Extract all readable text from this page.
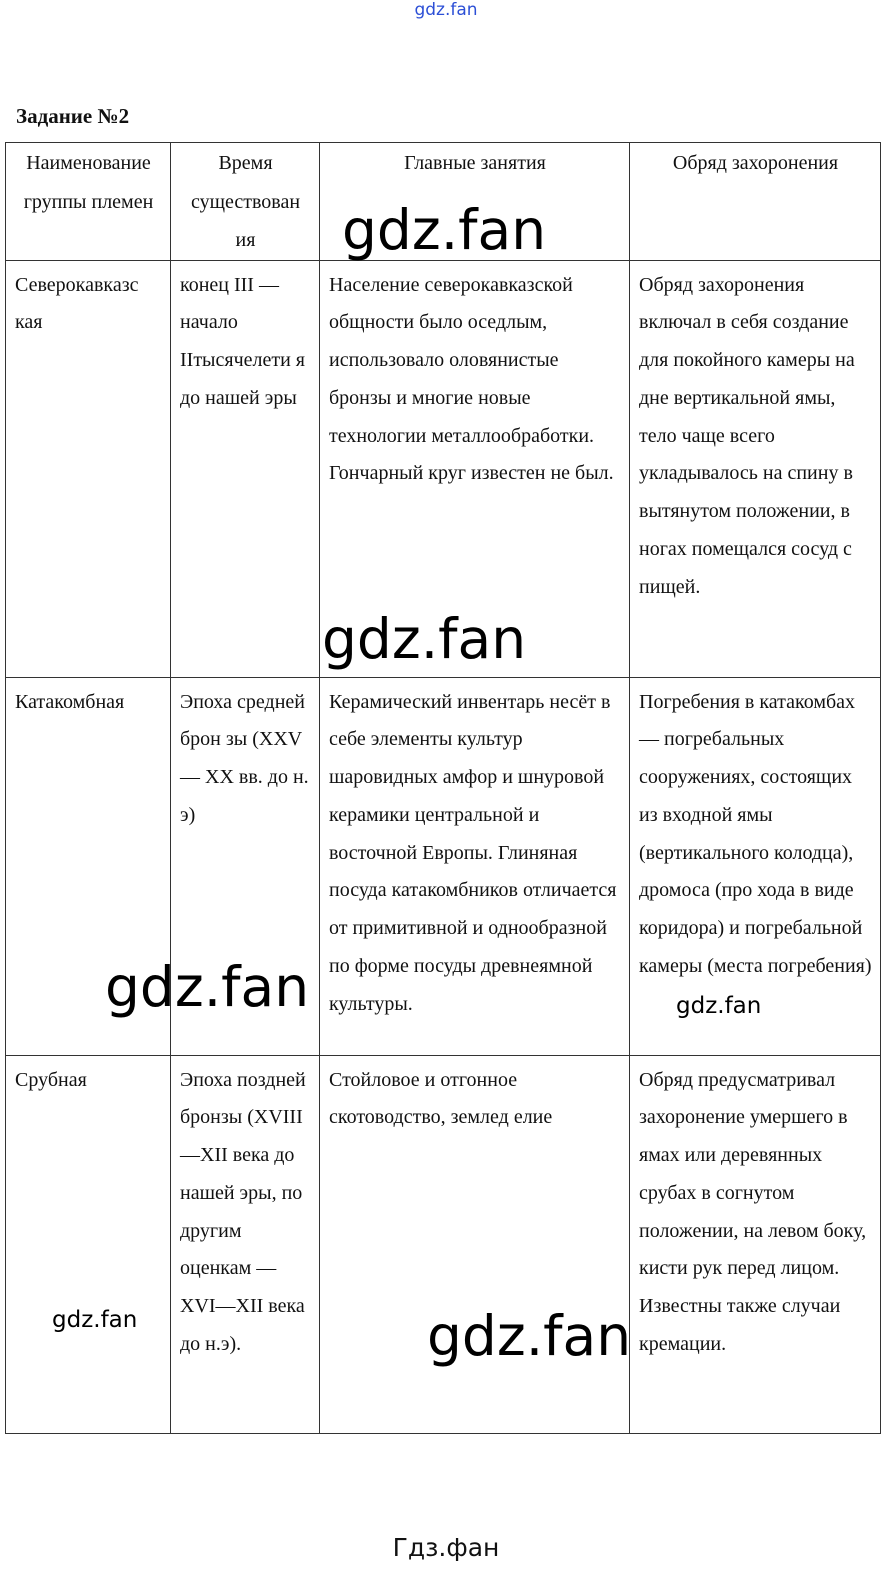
gdz.fan
Задание №2
Наименование группы племен	Время существован ия	Главные занятия	Обряд захоронения
Северокавказс кая	конец III — начало IIтысячелети я до нашей эры	Население северокавказской общности было оседлым, использовало оловянистые бронзы и многие новые технологии металлообработки. Гончарный круг известен не был.	Обряд захоронения включал в себя создание для покойного камеры на дне вертикальной ямы, тело чаще всего укладывалось на спину в вытянутом положении, в ногах помещался сосуд с пищей.
Катакомбная	Эпоха средней брон зы (XXV— XX вв. до н. э)	Керамический инвентарь несёт в себе элементы культур шаровидных амфор и шнуровой керамики центральной и восточной Европы. Глиняная посуда катакомбников отличается от примитивной и однообразной по форме посуды древнеямной культуры.	Погребения в катакомбах — погребальных сооружениях, состоящих из входной ямы (вертикального колодца), дромоса (про хода в виде коридора) и погребальной камеры (места погребения)
Срубная	Эпоха поздней бронзы (XVIII—XII века до нашей эры, по другим оценкам — XVI—XII века до н.э).	Стойловое и отгонное скотоводство, землед елие	Обряд предусматривал захоронение умершего в ямах или деревянных срубах в согнутом положении, на левом боку, кисти рук перед лицом. Известны также случаи кремации.
gdz.fan
gdz.fan
gdz.fan	gdz.fan
gdz.fan	gdz.fan
Гдз.фан
